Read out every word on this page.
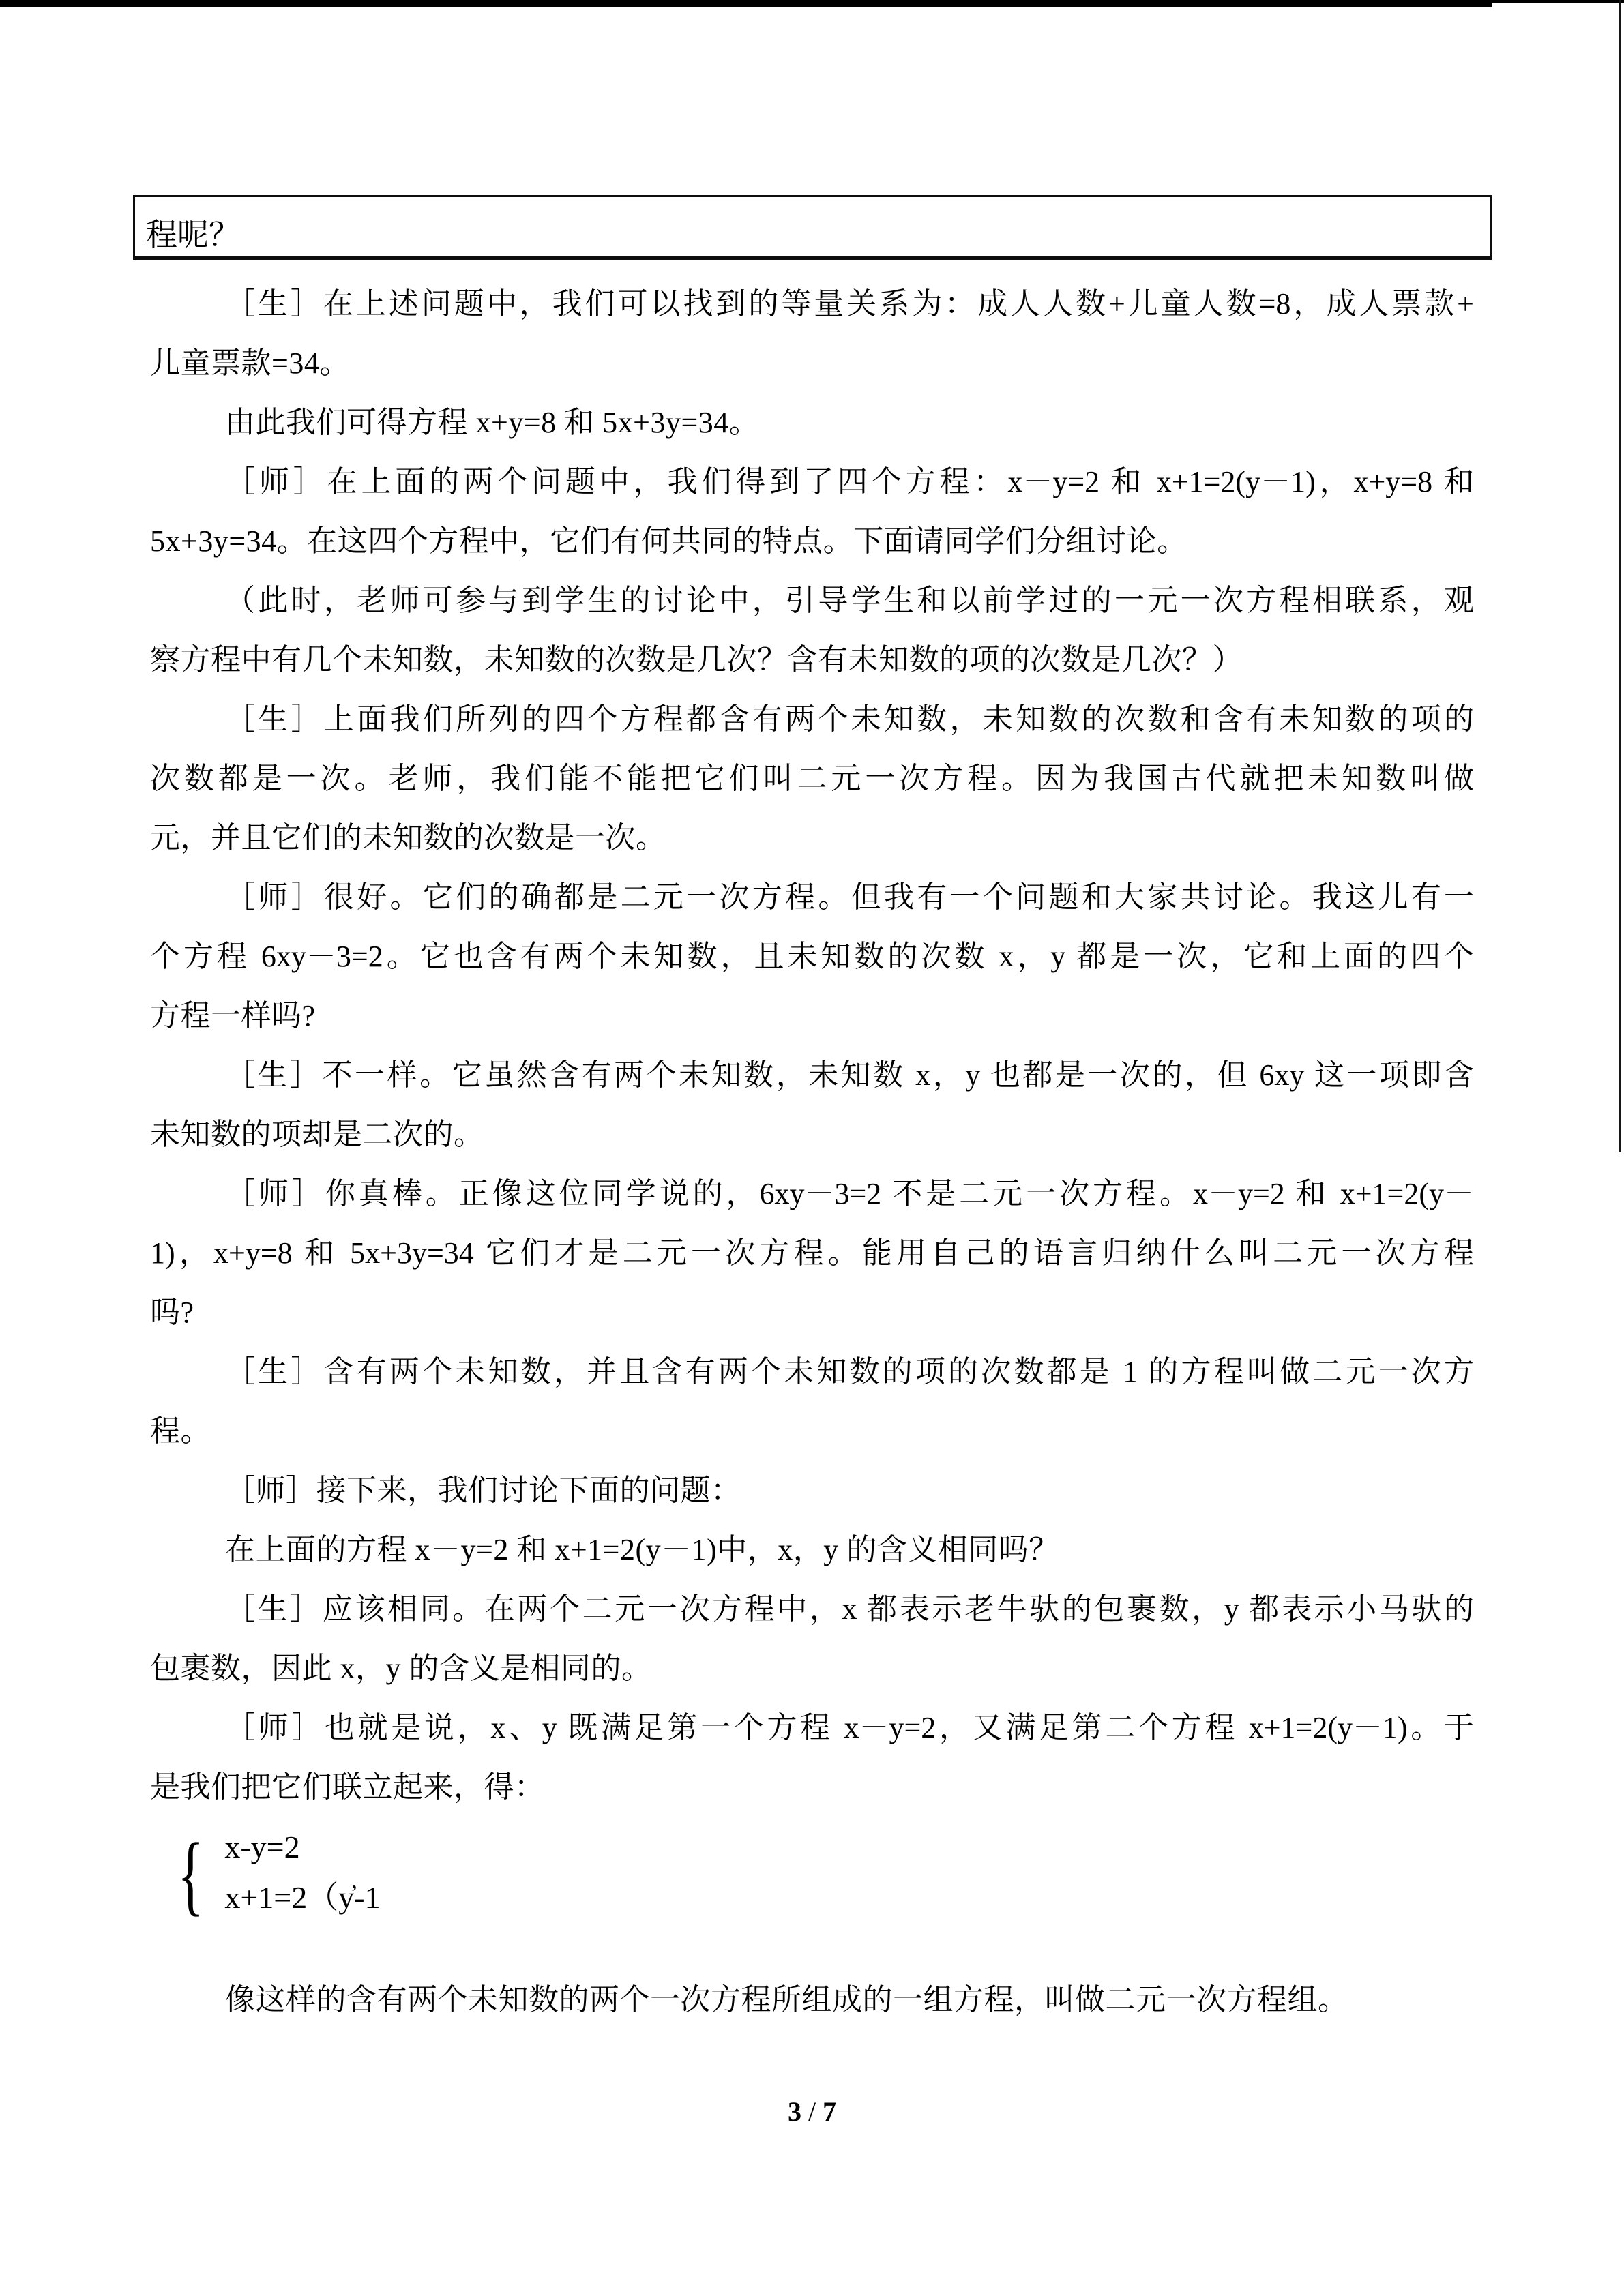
程呢？
［生］在上述问题中，我们可以找到的等量关系为：成人人数+儿童人数=8，成人票款+
儿童票款=34。
由此我们可得方程 x+y=8 和 5x+3y=34。
［师］在上面的两个问题中，我们得到了四个方程：x－y=2 和 x+1=2(y－1)，x+y=8 和
5x+3y=34。在这四个方程中，它们有何共同的特点。下面请同学们分组讨论。
（此时，老师可参与到学生的讨论中，引导学生和以前学过的一元一次方程相联系，观
察方程中有几个未知数，未知数的次数是几次？含有未知数的项的次数是几次？）
［生］上面我们所列的四个方程都含有两个未知数，未知数的次数和含有未知数的项的
次数都是一次。老师，我们能不能把它们叫二元一次方程。因为我国古代就把未知数叫做
元，并且它们的未知数的次数是一次。
［师］很好。它们的确都是二元一次方程。但我有一个问题和大家共讨论。我这儿有一
个方程 6xy－3=2。它也含有两个未知数，且未知数的次数 x，y 都是一次，它和上面的四个
方程一样吗?
［生］不一样。它虽然含有两个未知数，未知数 x，y 也都是一次的，但 6xy 这一项即含
未知数的项却是二次的。
［师］你真棒。正像这位同学说的，6xy－3=2 不是二元一次方程。x－y=2 和 x+1=2(y－
1)，x+y=8 和 5x+3y=34 它们才是二元一次方程。能用自己的语言归纳什么叫二元一次方程
吗?
［生］含有两个未知数，并且含有两个未知数的项的次数都是 1 的方程叫做二元一次方
程。
［师］接下来，我们讨论下面的问题：
在上面的方程 x－y=2 和 x+1=2(y－1)中，x，y 的含义相同吗？
［生］应该相同。在两个二元一次方程中，x 都表示老牛驮的包裹数，y 都表示小马驮的
包裹数，因此 x，y 的含义是相同的。
［师］也就是说，x、y 既满足第一个方程 x－y=2，又满足第二个方程 x+1=2(y－1)。于
是我们把它们联立起来，得：
{ x-y=2
x+1=2（y̓-1
像这样的含有两个未知数的两个一次方程所组成的一组方程，叫做二元一次方程组。
3 / 7
